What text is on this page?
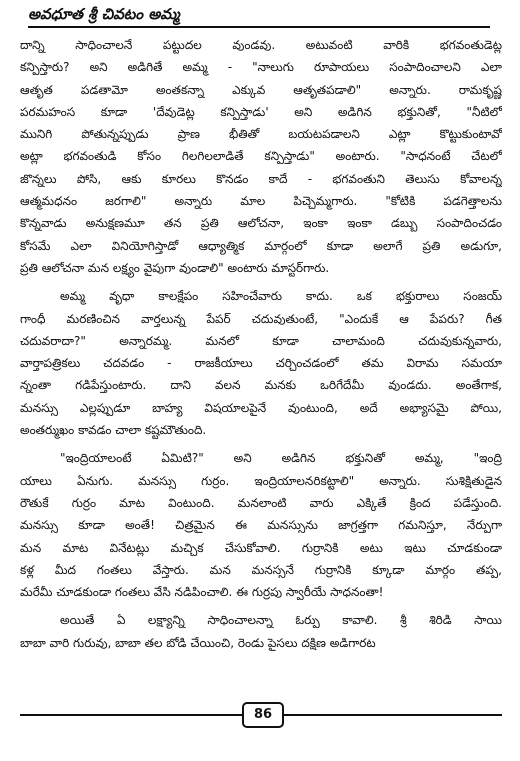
అవధూత శ్రీ చివటం అమ్మ
దాన్ని సాధించాలనే పట్టుదల వుండవు. అటువంటి వారికి భగవంతుడెట్ల
కన్పిస్తారు? అని అడిగితే అమ్మ - "నాలుగు రూపాయలు సంపాదించాలని ఎలా
ఆతృత పడతామో అంతకన్నా ఎక్కువ ఆతృతపడాలి" అన్నారు. రామకృష్ణ
పరమహంస కూడా 'దేవుడెట్ల కన్పిస్తాడు' అని అడిగిన భక్తునితో, "నీటిలో
మునిగి పోతున్నప్పుడు ప్రాణ భీతితో బయటపడాలని ఎట్లా కొట్టుకుంటావో
అట్లా భగవంతుడి కోసం గిలగిలలాడితే కన్పిస్తాడు" అంటారు. "సాధనంటే చేటలో
జొన్నలు పోసి, ఆకు కూరలు కొనడం కాదే - భగవంతుని తెలుసు కోవాలన్న
ఆత్మమధనం జరగాలి" అన్నారు మాల పిచ్చెమ్మగారు. "కోటికి పడగెత్తాలను
కొన్నవాడు అనుక్షణమూ తన ప్రతి ఆలోచనా, ఇంకా ఇంకా డబ్బు సంపాదించడం
కోసమే ఎలా వినియోగిస్తాడో ఆధ్యాత్మిక మార్గంలో కూడా అలాగే ప్రతి అడుగూ,
ప్రతి ఆలోచనా మన లక్ష్యం వైపుగా వుండాలి" అంటారు మాస్టర్‌గారు.
అమ్మ వృధా కాలక్షేపం సహించేవారు కాదు. ఒక భక్తురాలు సంజయ్
గాంధీ మరణించిన వార్తలున్న పేపర్ చదువుతుంటే, "ఎందుకే ఆ పేపరు? గీత
చదువరాదా?" అన్నారమ్మ. మనలో కూడా చాలామంది చదువుకున్నవారు,
వార్తాపత్రికలు చదవడం - రాజకీయాలు చర్చించడంలో తమ విరామ సమయా
న్నంతా గడిపేస్తుంటారు. దాని వలన మనకు ఒరిగేదేమీ వుండదు. అంతేగాక,
మనస్సు ఎల్లప్పుడూ బాహ్య విషయాలపైనే వుంటుంది, అదే అభ్యాసమై పోయి,
అంతర్ముఖం కావడం చాలా కష్టమౌతుంది.
"ఇంద్రియాలంటే ఏమిటి?" అని అడిగిన భక్తునితో అమ్మ, "ఇంద్రి
యాలు ఏనుగు. మనస్సు గుర్రం. ఇంద్రియాలనరికట్టాలి" అన్నారు. సుశిక్షితుడైన
రౌతుకే గుర్రం మాట వింటుంది. మనలాంటి వారు ఎక్కితే క్రింద పడేస్తుంది.
మనస్సు కూడా అంతే! చిత్రమైన ఈ మనస్సును జాగ్రత్తగా గమనిస్తూ, నేర్పుగా
మన మాట వినేటట్లు మచ్చిక చేసుకోవాలి. గుర్రానికి అటు ఇటు చూడకుండా
కళ్ల మీద గంతలు వేస్తారు. మన మనస్సనే గుర్రానికి క్కూడా మార్గం తప్ప,
మరేమీ చూడకుండా గంతలు వేసి నడిపించాలి. ఈ గుర్రపు స్వారీయే సాధనంతా!
అయితే ఏ లక్ష్యాన్ని సాధించాలన్నా ఓర్పు కావాలి. శ్రీ శిరిడి సాయి
బాబా వారి గురువు, బాబా తల బోడి చేయించి, రెండు పైసలు దక్షిణ అడిగారట
86
